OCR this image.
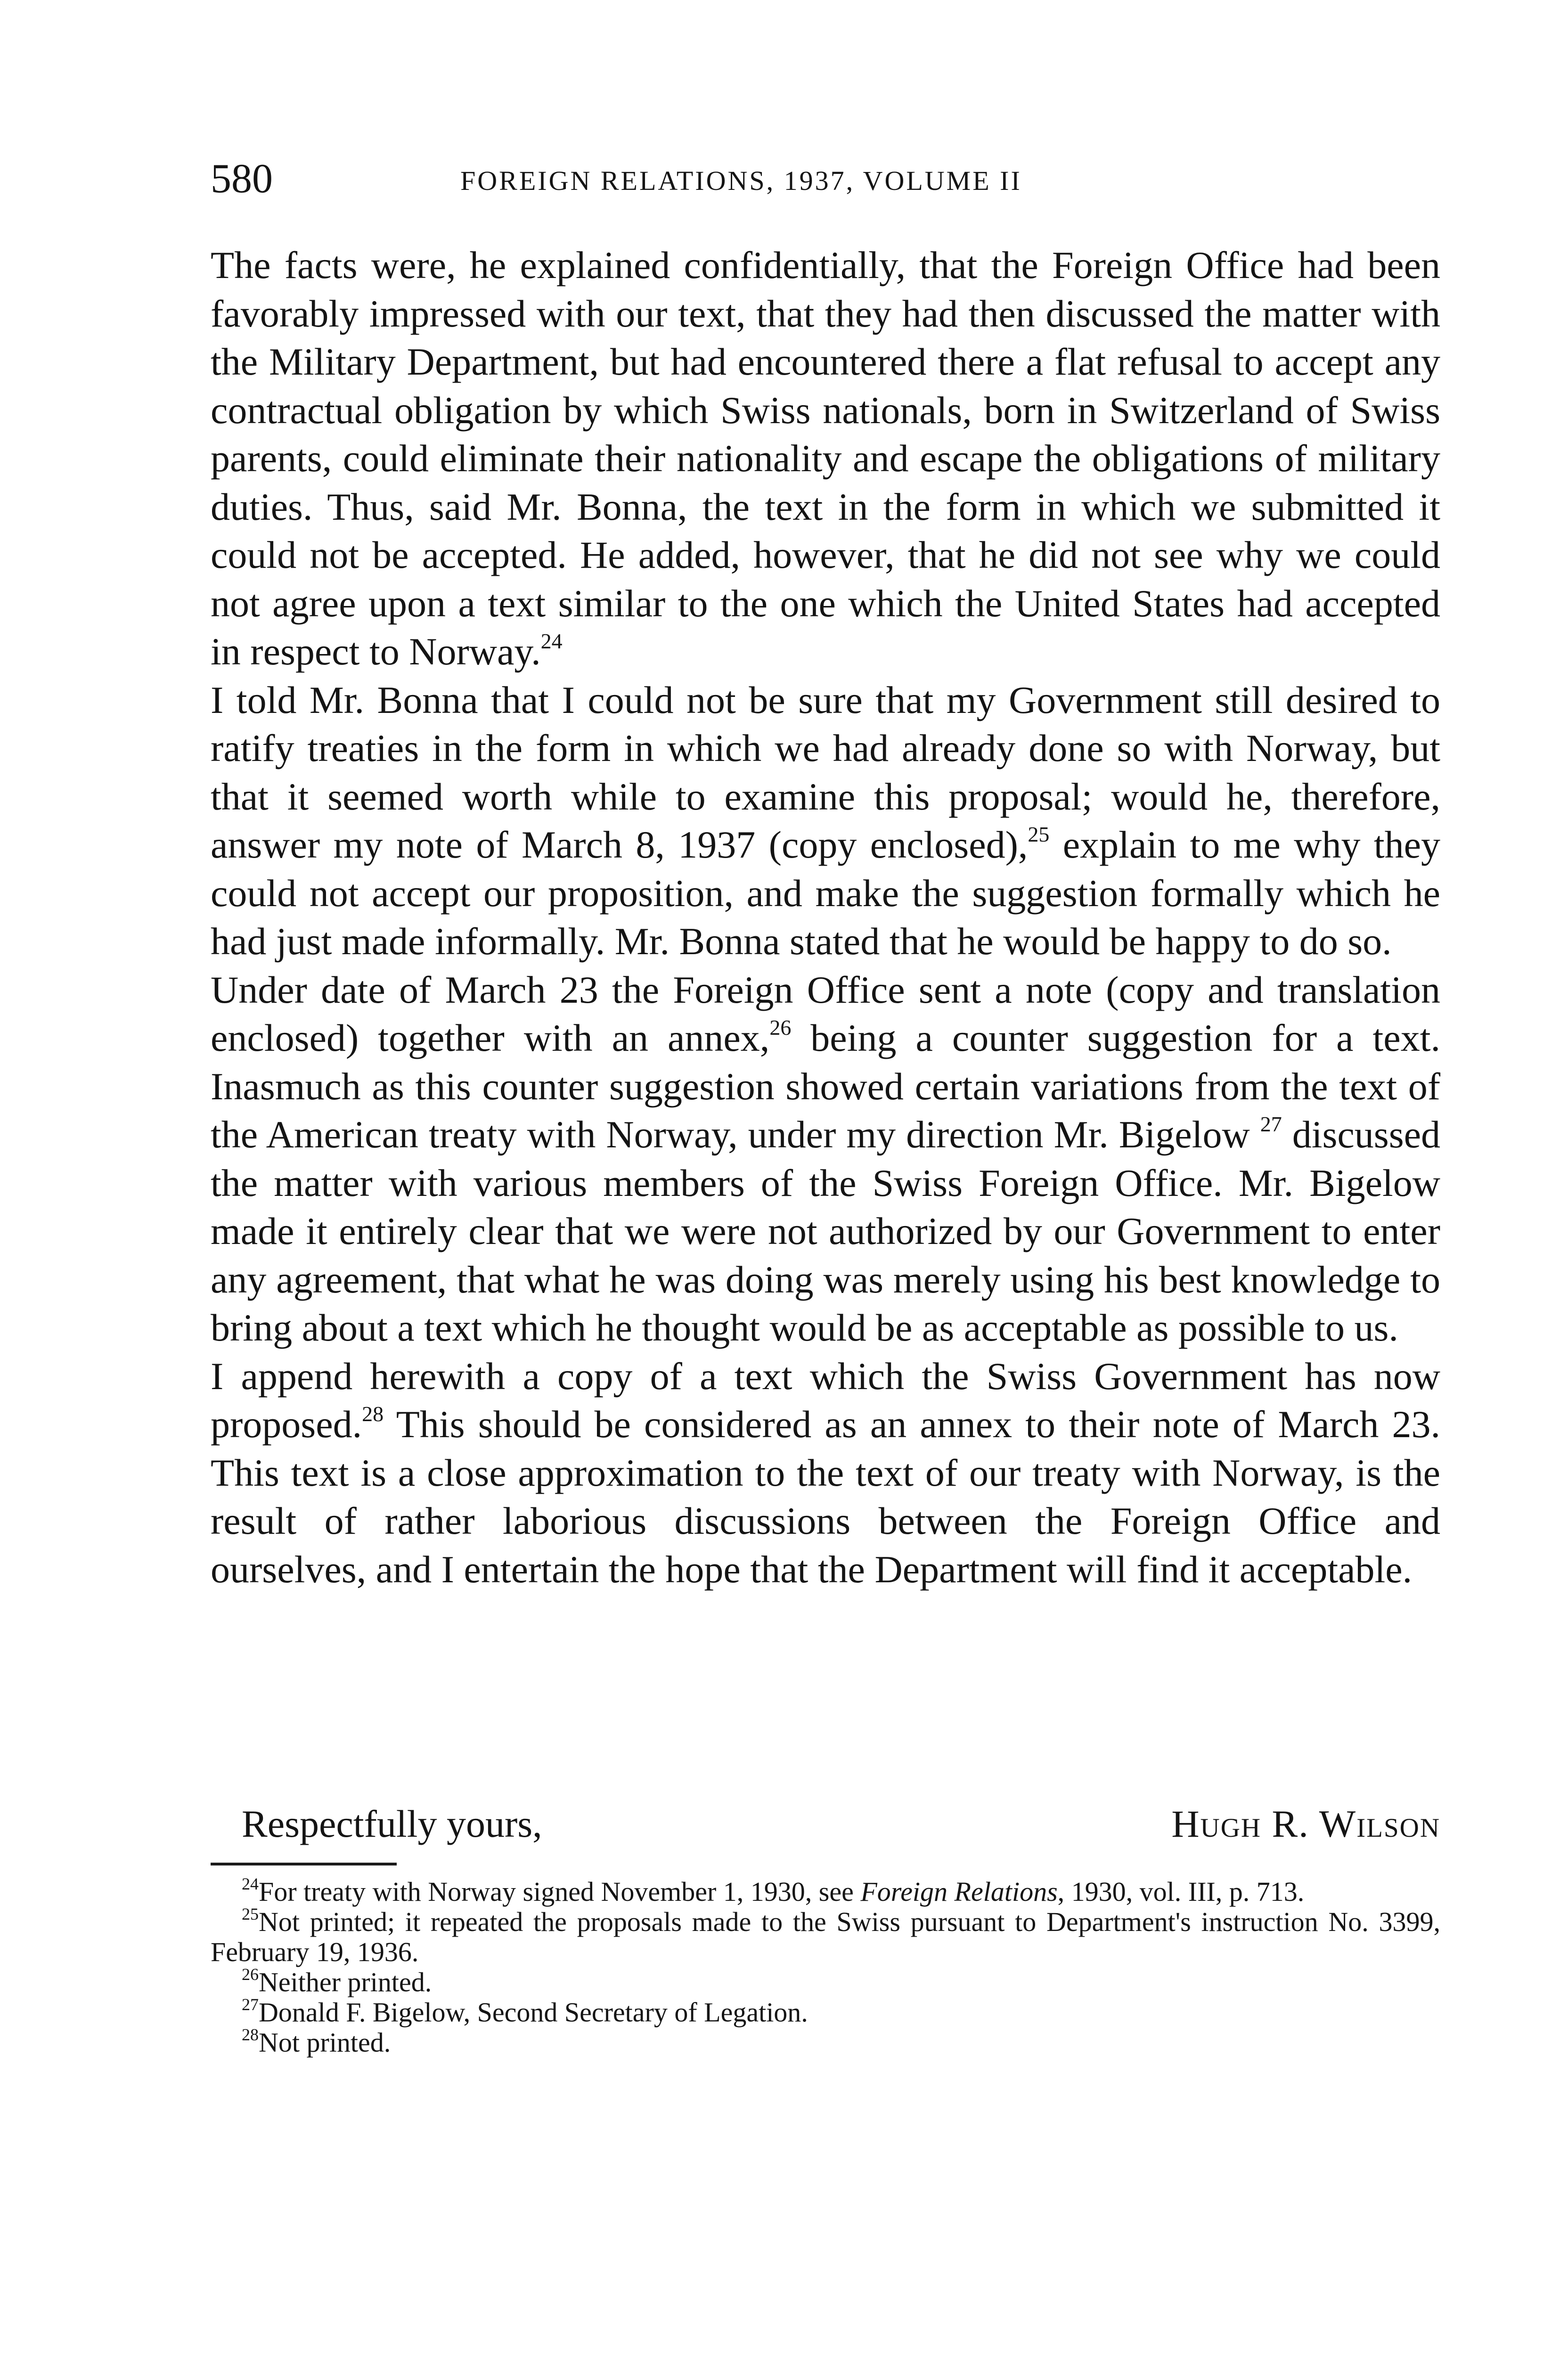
580	FOREIGN RELATIONS, 1937, VOLUME II

The facts were, he explained confidentially, that the Foreign Office had been favorably impressed with our text, that they had then discussed the matter with the Military Department, but had encountered there a flat refusal to accept any contractual obligation by which Swiss nationals, born in Switzerland of Swiss parents, could eliminate their nationality and escape the obligations of military duties. Thus, said Mr. Bonna, the text in the form in which we submitted it could not be accepted. He added, however, that he did not see why we could not agree upon a text similar to the one which the United States had accepted in respect to Norway.$^{24}$

I told Mr. Bonna that I could not be sure that my Government still desired to ratify treaties in the form in which we had already done so with Norway, but that it seemed worth while to examine this proposal; would he, therefore, answer my note of March 8, 1937 (copy enclosed),$^{25}$ explain to me why they could not accept our proposition, and make the suggestion formally which he had just made informally. Mr. Bonna stated that he would be happy to do so.

Under date of March 23 the Foreign Office sent a note (copy and translation enclosed) together with an annex,$^{26}$ being a counter suggestion for a text. Inasmuch as this counter suggestion showed certain variations from the text of the American treaty with Norway, under my direction Mr. Bigelow $^{27}$ discussed the matter with various members of the Swiss Foreign Office. Mr. Bigelow made it entirely clear that we were not authorized by our Government to enter any agreement, that what he was doing was merely using his best knowledge to bring about a text which he thought would be as acceptable as possible to us.

I append herewith a copy of a text which the Swiss Government has now proposed.$^{28}$ This should be considered as an annex to their note of March 23. This text is a close approximation to the text of our treaty with Norway, is the result of rather laborious discussions between the Foreign Office and ourselves, and I entertain the hope that the Department will find it acceptable.

Respectfully yours,	Hugh R. Wilson

$^{24}$For treaty with Norway signed November 1, 1930, see Foreign Relations, 1930, vol. III, p. 713.

$^{25}$Not printed; it repeated the proposals made to the Swiss pursuant to Department's instruction No. 3399, February 19, 1936.

$^{26}$Neither printed.

$^{27}$Donald F. Bigelow, Second Secretary of Legation.

$^{28}$Not printed.
